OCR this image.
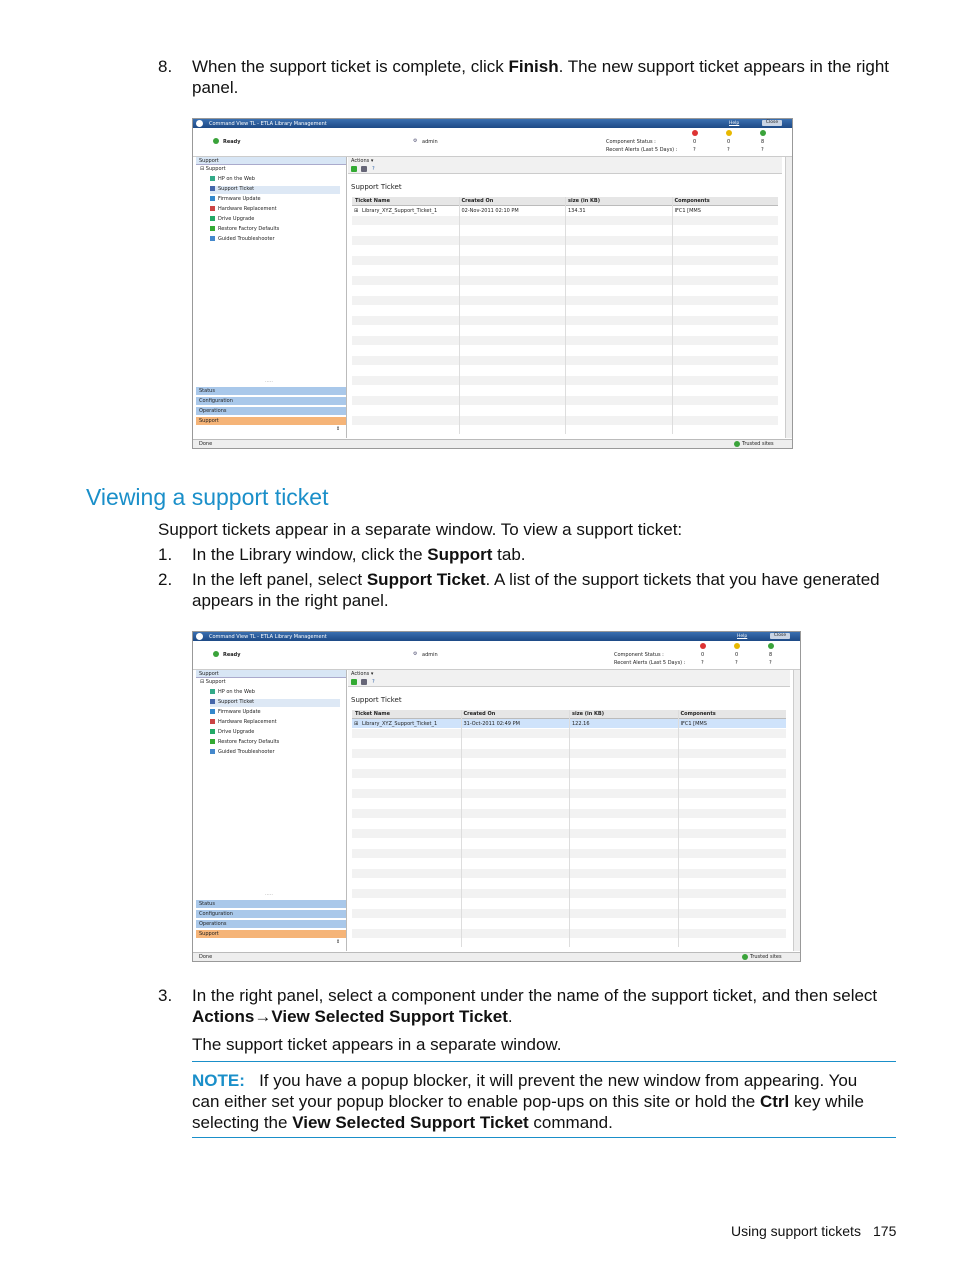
8. When the support ticket is complete, click Finish. The new support ticket appears in the right
panel.
Command View TL - ETLA Library Management	Help	Close
Ready	⚙ admin	Component Status :
Recent Alerts (Last 5 Days) :
0
?
0
?
8
?
Support
⊟ Support
HP on the Web
Support Ticket
Firmware Update
Hardware Replacement
Drive Upgrade
Restore Factory Defaults
Guided Troubleshooter
·····
Status
Configuration
Operations
Support
⇕
Actions ▾
?
Support Ticket
Ticket Name	Created On	size (in KB)	Components
Library_XYZ_Support_Ticket_1	02-Nov-2011 02:10 PM	134.31	IFC1 [MMS
⊞
Done	Trusted sites
Viewing a support ticket
Support tickets appear in a separate window. To view a support ticket:
1. In the Library window, click the Support tab.
2. In the left panel, select Support Ticket. A list of the support tickets that you have generated
appears in the right panel.
Command View TL - ETLA Library Management	Help	Close
Ready	⚙ admin	Component Status :
Recent Alerts (Last 5 Days) :
0
?
0
?
8
?
Support
⊟ Support
HP on the Web
Support Ticket
Firmware Update
Hardware Replacement
Drive Upgrade
Restore Factory Defaults
Guided Troubleshooter
·····
Status
Configuration
Operations
Support
⇕
Actions ▾
?
Support Ticket
Ticket Name	Created On	size (in KB)	Components
Library_XYZ_Support_Ticket_1	31-Oct-2011 02:49 PM	122.16	IFC1 [MMS
⊞
Done	Trusted sites
3. In the right panel, select a component under the name of the support ticket, and then select
Actions→View Selected Support Ticket.
The support ticket appears in a separate window.
NOTE: If you have a popup blocker, it will prevent the new window from appearing. You
can either set your popup blocker to enable pop-ups on this site or hold the Ctrl key while
selecting the View Selected Support Ticket command.
Using support tickets 175
